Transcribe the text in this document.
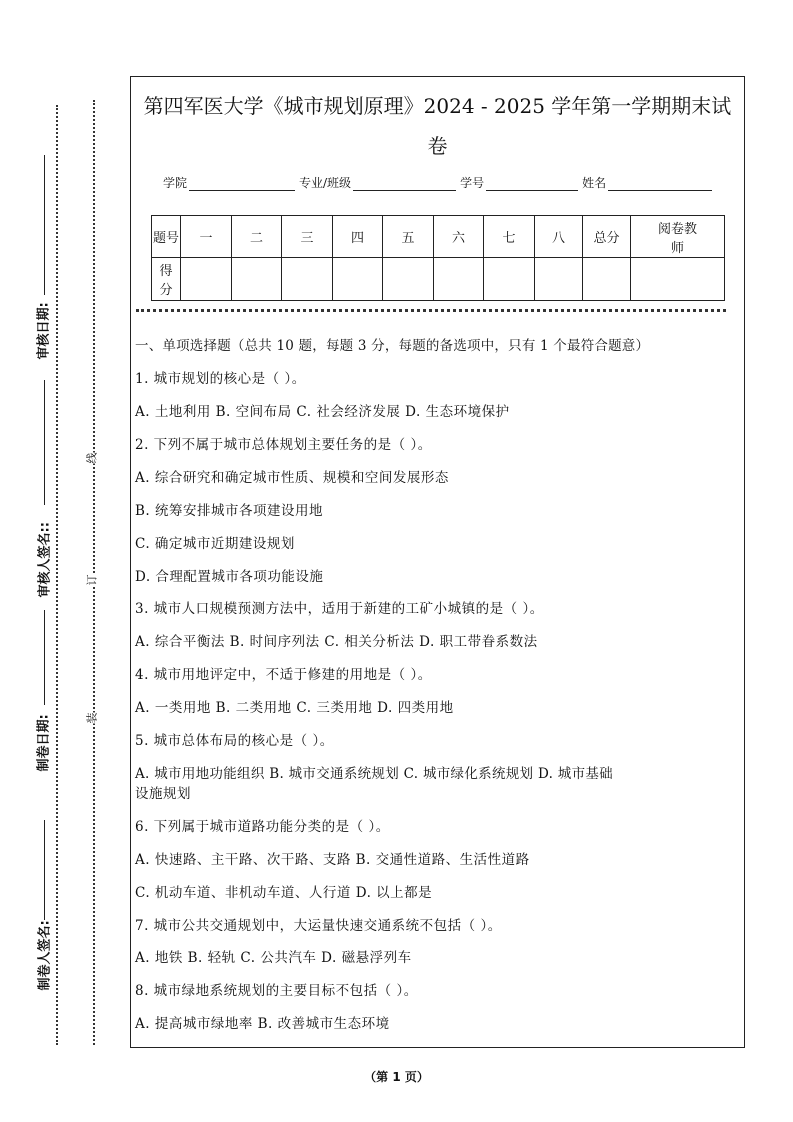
审核日期:
审核人签名::
制卷日期:
制卷人签名:
线
订
装
第四军医大学《城市规划原理》2024 - 2025 学年第一学期期末试
卷
学院	专业/班级	学号	姓名
题号	一	二	三	四	五	六	七	八	总分	阅卷教师
得分										
一、单项选择题（总共 10 题，每题 3 分，每题的备选项中，只有 1 个最符合题意）
1. 城市规划的核心是（ ）。
A. 土地利用 B. 空间布局 C. 社会经济发展 D. 生态环境保护
2. 下列不属于城市总体规划主要任务的是（ ）。
A. 综合研究和确定城市性质、规模和空间发展形态
B. 统筹安排城市各项建设用地
C. 确定城市近期建设规划
D. 合理配置城市各项功能设施
3. 城市人口规模预测方法中，适用于新建的工矿小城镇的是（ ）。
A. 综合平衡法 B. 时间序列法 C. 相关分析法 D. 职工带眷系数法
4. 城市用地评定中，不适于修建的用地是（ ）。
A. 一类用地 B. 二类用地 C. 三类用地 D. 四类用地
5. 城市总体布局的核心是（ ）。
A. 城市用地功能组织 B. 城市交通系统规划 C. 城市绿化系统规划 D. 城市基础
设施规划
6. 下列属于城市道路功能分类的是（ ）。
A. 快速路、主干路、次干路、支路 B. 交通性道路、生活性道路
C. 机动车道、非机动车道、人行道 D. 以上都是
7. 城市公共交通规划中，大运量快速交通系统不包括（ ）。
A. 地铁 B. 轻轨 C. 公共汽车 D. 磁悬浮列车
8. 城市绿地系统规划的主要目标不包括（ ）。
A. 提高城市绿地率 B. 改善城市生态环境
（第 1 页）
